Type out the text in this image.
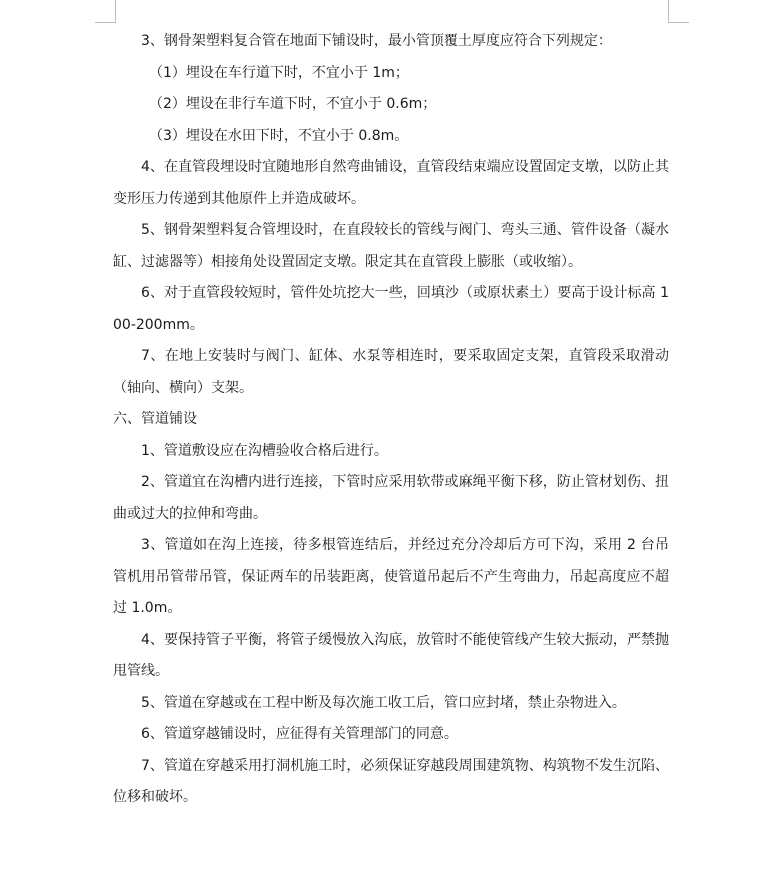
3、钢骨架塑料复合管在地面下铺设时，最小管顶覆土厚度应符合下列规定：

（1）埋设在车行道下时，不宜小于 1m；

（2）埋设在非行车道下时，不宜小于 0.6m；

（3）埋设在水田下时，不宜小于 0.8m。

4、在直管段埋设时宜随地形自然弯曲铺设，直管段结束端应设置固定支墩，以防止其变形压力传递到其他原件上并造成破坏。

5、钢骨架塑料复合管埋设时，在直段较长的管线与阀门、弯头三通、管件设备（凝水缸、过滤器等）相接角处设置固定支墩。限定其在直管段上膨胀（或收缩）。

6、对于直管段较短时，管件处坑挖大一些，回填沙（或原状素土）要高于设计标高 100-200mm。

7、在地上安装时与阀门、缸体、水泵等相连时，要采取固定支架，直管段采取滑动（轴向、横向）支架。

六、管道铺设

1、管道敷设应在沟槽验收合格后进行。

2、管道宜在沟槽内进行连接，下管时应采用软带或麻绳平衡下移，防止管材划伤、扭曲或过大的拉伸和弯曲。

3、管道如在沟上连接，待多根管连结后，并经过充分冷却后方可下沟，采用 2 台吊管机用吊管带吊管，保证两车的吊装距离，使管道吊起后不产生弯曲力，吊起高度应不超过 1.0m。

4、要保持管子平衡，将管子缓慢放入沟底，放管时不能使管线产生较大振动，严禁抛甩管线。

5、管道在穿越或在工程中断及每次施工收工后，管口应封堵，禁止杂物进入。

6、管道穿越铺设时，应征得有关管理部门的同意。

7、管道在穿越采用打洞机施工时，必须保证穿越段周围建筑物、构筑物不发生沉陷、位移和破坏。
